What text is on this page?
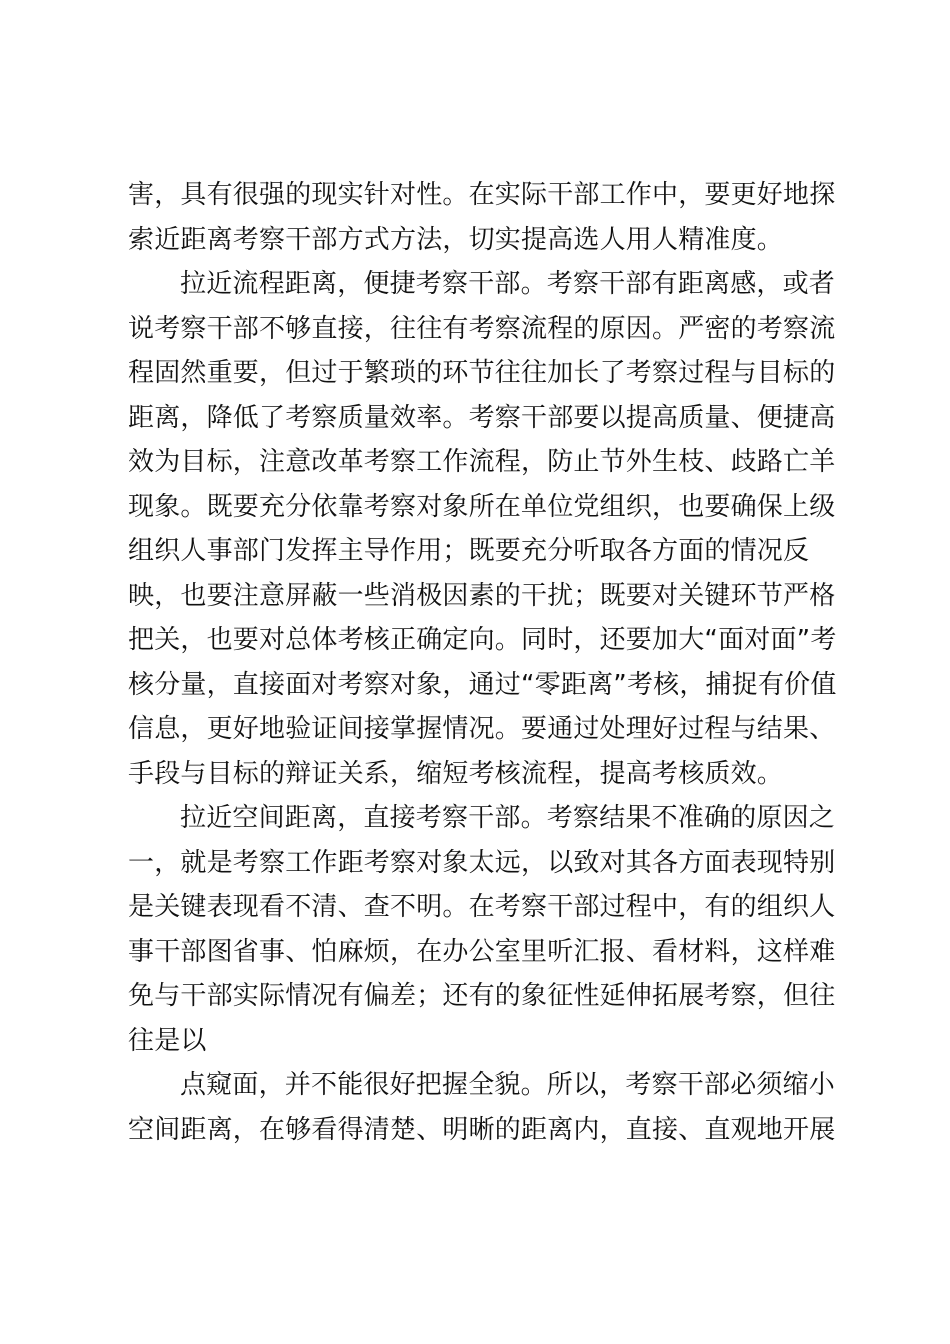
害，具有很强的现实针对性。在实际干部工作中，要更好地探
索近距离考察干部方式方法，切实提高选人用人精准度。
拉近流程距离，便捷考察干部。考察干部有距离感，或者
说考察干部不够直接，往往有考察流程的原因。严密的考察流
程固然重要，但过于繁琐的环节往往加长了考察过程与目标的
距离，降低了考察质量效率。考察干部要以提高质量、便捷高
效为目标，注意改革考察工作流程，防止节外生枝、歧路亡羊
现象。既要充分依靠考察对象所在单位党组织，也要确保上级
组织人事部门发挥主导作用；既要充分听取各方面的情况反
映，也要注意屏蔽一些消极因素的干扰；既要对关键环节严格
把关，也要对总体考核正确定向。同时，还要加大“面对面”考
核分量，直接面对考察对象，通过“零距离”考核，捕捉有价值
信息，更好地验证间接掌握情况。要通过处理好过程与结果、
手段与目标的辩证关系，缩短考核流程，提高考核质效。
拉近空间距离，直接考察干部。考察结果不准确的原因之
一，就是考察工作距考察对象太远，以致对其各方面表现特别
是关键表现看不清、查不明。在考察干部过程中，有的组织人
事干部图省事、怕麻烦，在办公室里听汇报、看材料，这样难
免与干部实际情况有偏差；还有的象征性延伸拓展考察，但往
往是以
点窥面，并不能很好把握全貌。所以，考察干部必须缩小
空间距离，在够看得清楚、明晰的距离内，直接、直观地开展
